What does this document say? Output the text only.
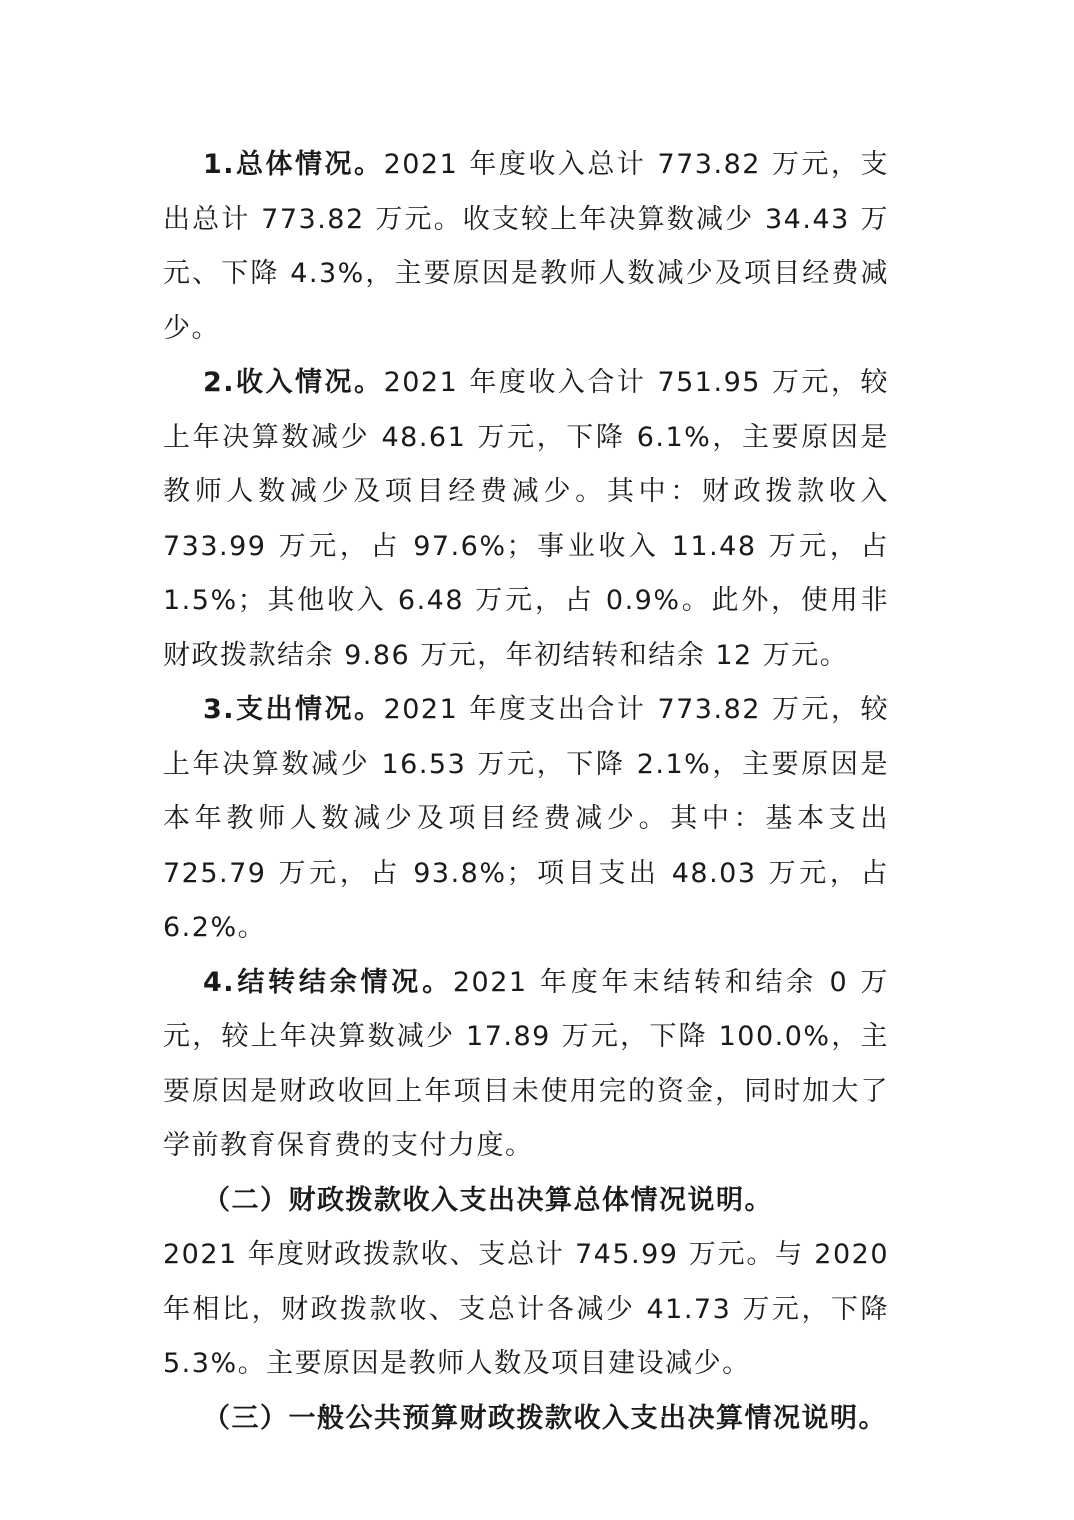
1.总体情况。2021 年度收入总计 773.82 万元，支出总计 773.82 万元。收支较上年决算数减少 34.43 万元、下降 4.3%，主要原因是教师人数减少及项目经费减少。

2.收入情况。2021 年度收入合计 751.95 万元，较上年决算数减少 48.61 万元，下降 6.1%，主要原因是教师人数减少及项目经费减少。其中：财政拨款收入 733.99 万元，占 97.6%；事业收入 11.48 万元，占 1.5%；其他收入 6.48 万元，占 0.9%。此外，使用非财政拨款结余 9.86 万元，年初结转和结余 12 万元。

3.支出情况。2021 年度支出合计 773.82 万元，较上年决算数减少 16.53 万元，下降 2.1%，主要原因是本年教师人数减少及项目经费减少。其中：基本支出 725.79 万元，占 93.8%；项目支出 48.03 万元，占 6.2%。

4.结转结余情况。2021 年度年末结转和结余 0 万元，较上年决算数减少 17.89 万元，下降 100.0%，主要原因是财政收回上年项目未使用完的资金，同时加大了学前教育保育费的支付力度。

（二）财政拨款收入支出决算总体情况说明。

2021 年度财政拨款收、支总计 745.99 万元。与 2020 年相比，财政拨款收、支总计各减少 41.73 万元，下降 5.3%。主要原因是教师人数及项目建设减少。

（三）一般公共预算财政拨款收入支出决算情况说明。
